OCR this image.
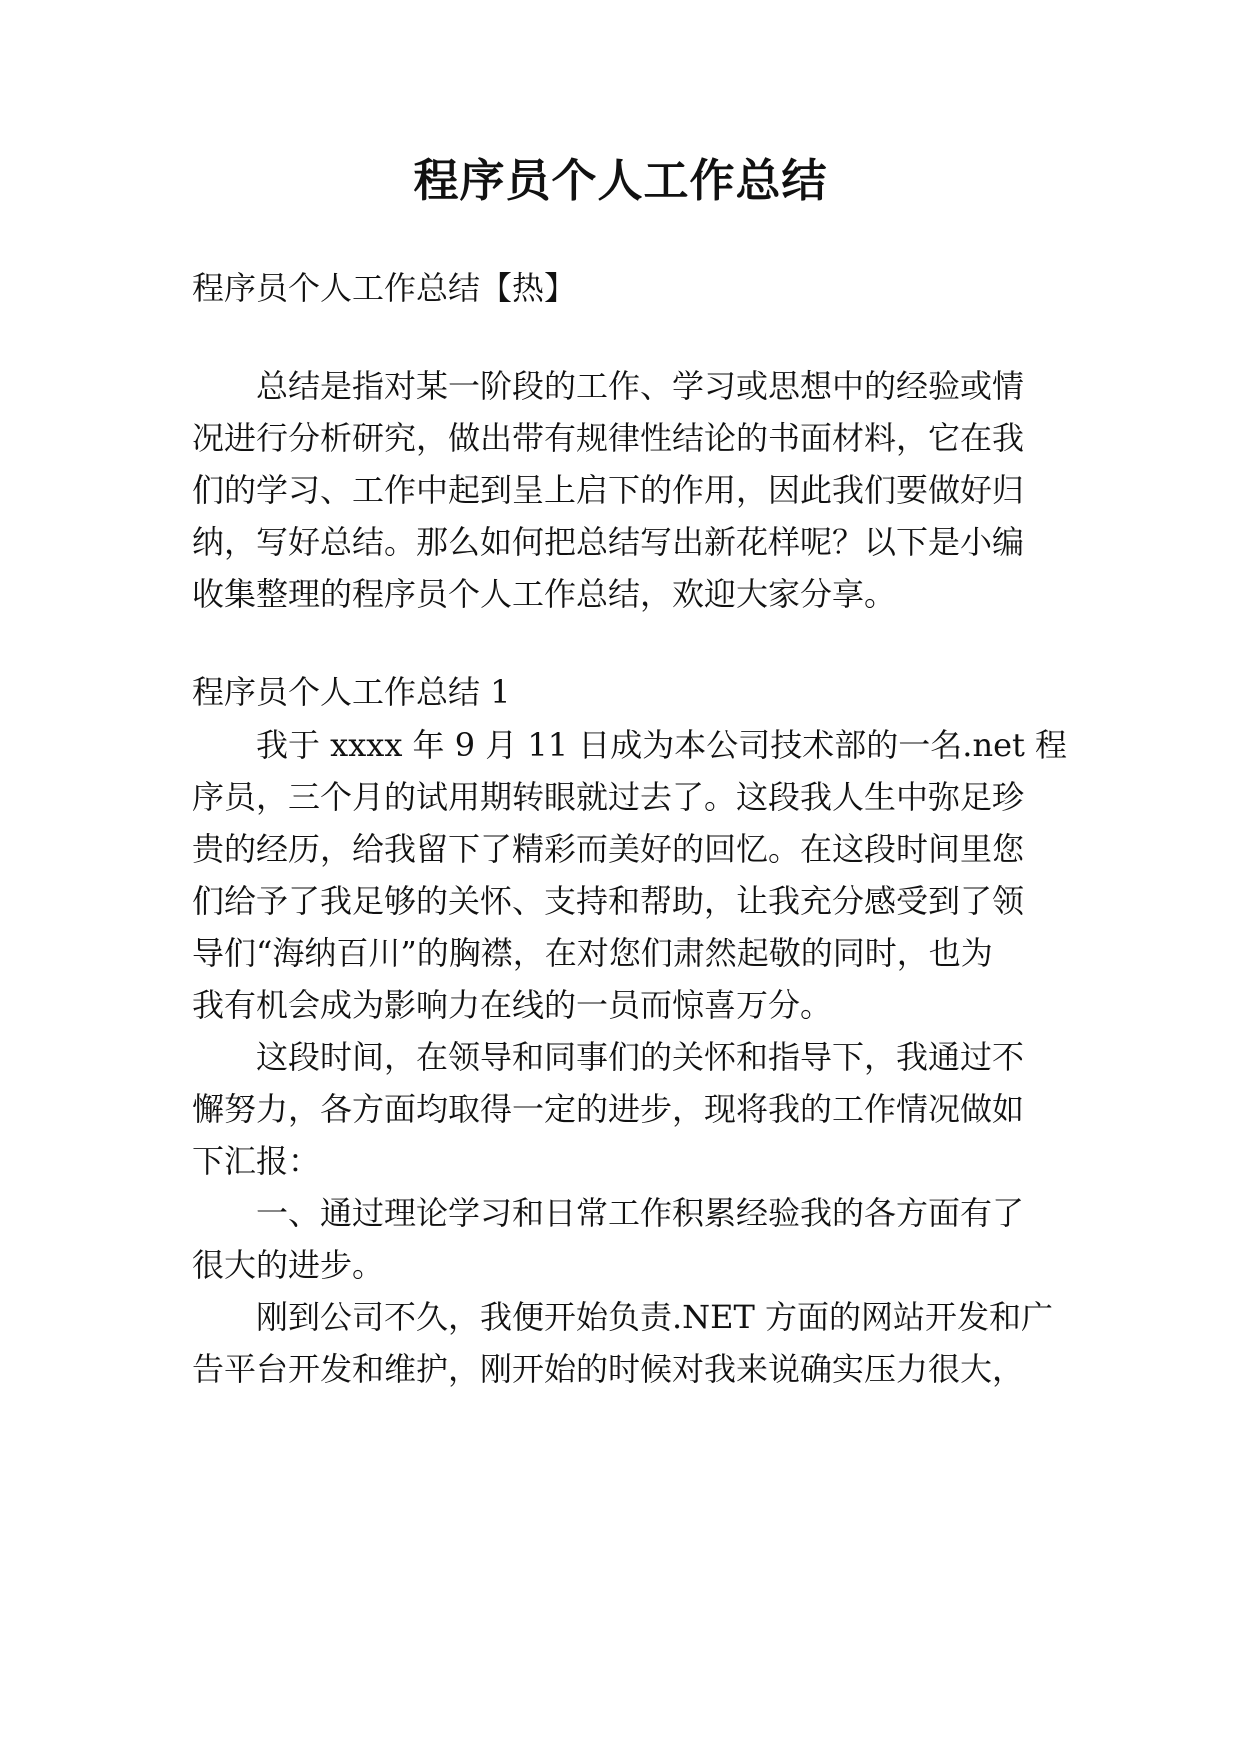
程序员个人工作总结

程序员个人工作总结【热】

总结是指对某一阶段的工作、学习或思想中的经验或情

况进行分析研究，做出带有规律性结论的书面材料，它在我

们的学习、工作中起到呈上启下的作用，因此我们要做好归

纳，写好总结。那么如何把总结写出新花样呢？以下是小编

收集整理的程序员个人工作总结，欢迎大家分享。

程序员个人工作总结 1

我于 xxxx 年 9 月 11 日成为本公司技术部的一名.net 程

序员，三个月的试用期转眼就过去了。这段我人生中弥足珍

贵的经历，给我留下了精彩而美好的回忆。在这段时间里您

们给予了我足够的关怀、支持和帮助，让我充分感受到了领

导们“海纳百川”的胸襟，在对您们肃然起敬的同时，也为

我有机会成为影响力在线的一员而惊喜万分。

这段时间，在领导和同事们的关怀和指导下，我通过不

懈努力，各方面均取得一定的进步，现将我的工作情况做如

下汇报：

一、通过理论学习和日常工作积累经验我的各方面有了

很大的进步。

刚到公司不久，我便开始负责.NET 方面的网站开发和广

告平台开发和维护，刚开始的时候对我来说确实压力很大，
